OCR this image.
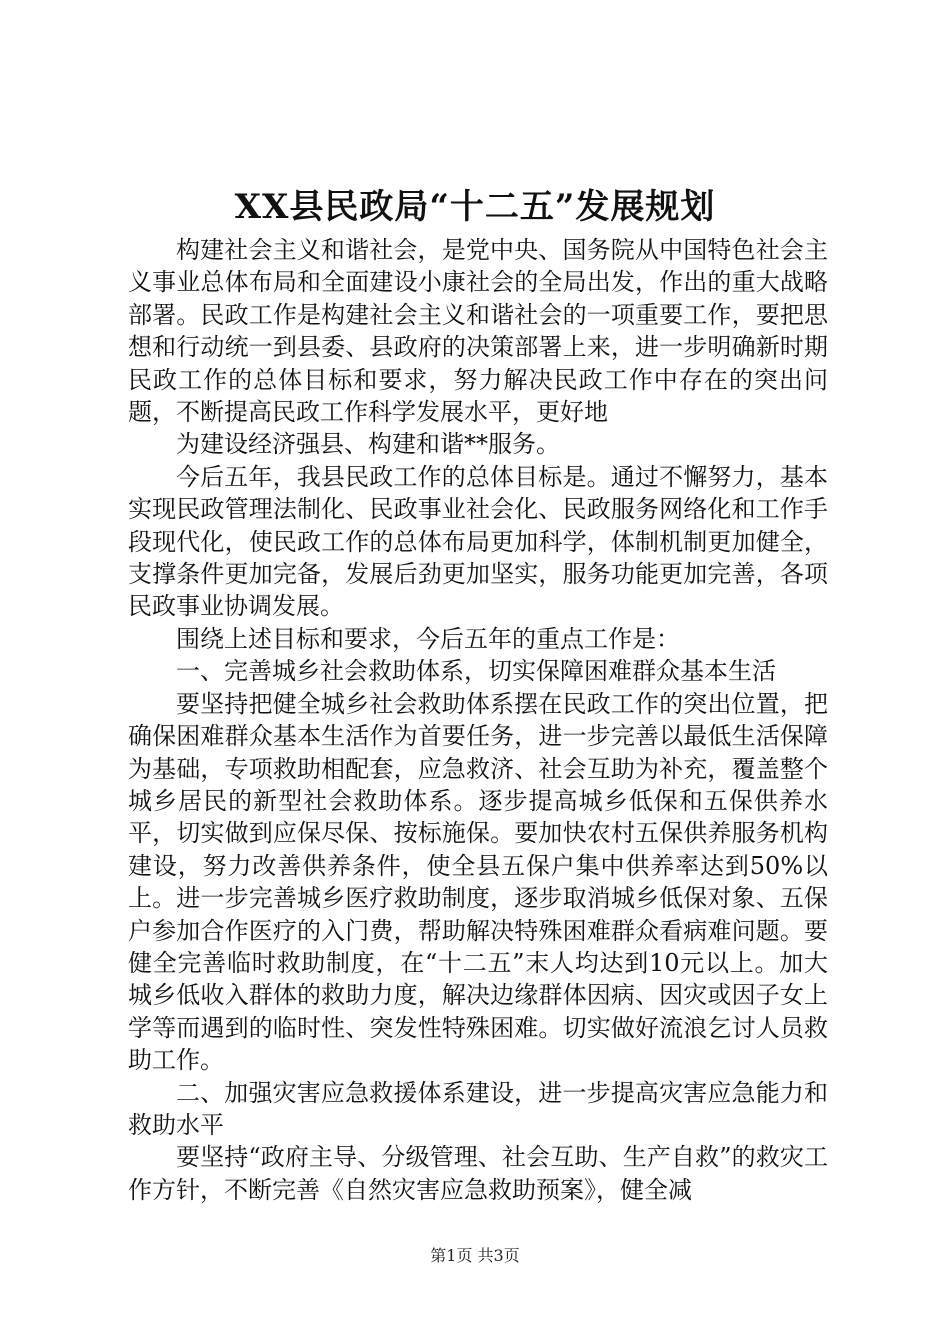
XX县民政局“十二五”发展规划

构建社会主义和谐社会，是党中央、国务院从中国特色社会主义事业总体布局和全面建设小康社会的全局出发，作出的重大战略部署。民政工作是构建社会主义和谐社会的一项重要工作，要把思想和行动统一到县委、县政府的决策部署上来，进一步明确新时期民政工作的总体目标和要求，努力解决民政工作中存在的突出问题，不断提高民政工作科学发展水平，更好地

为建设经济强县、构建和谐**服务。

今后五年，我县民政工作的总体目标是。通过不懈努力，基本实现民政管理法制化、民政事业社会化、民政服务网络化和工作手段现代化，使民政工作的总体布局更加科学，体制机制更加健全，支撑条件更加完备，发展后劲更加坚实，服务功能更加完善，各项民政事业协调发展。

围绕上述目标和要求，今后五年的重点工作是：

一、完善城乡社会救助体系，切实保障困难群众基本生活

要坚持把健全城乡社会救助体系摆在民政工作的突出位置，把确保困难群众基本生活作为首要任务，进一步完善以最低生活保障为基础，专项救助相配套，应急救济、社会互助为补充，覆盖整个城乡居民的新型社会救助体系。逐步提高城乡低保和五保供养水平，切实做到应保尽保、按标施保。要加快农村五保供养服务机构建设，努力改善供养条件，使全县五保户集中供养率达到50%以上。进一步完善城乡医疗救助制度，逐步取消城乡低保对象、五保户参加合作医疗的入门费，帮助解决特殊困难群众看病难问题。要健全完善临时救助制度，在“十二五”末人均达到10元以上。加大城乡低收入群体的救助力度，解决边缘群体因病、因灾或因子女上学等而遇到的临时性、突发性特殊困难。切实做好流浪乞讨人员救助工作。

二、加强灾害应急救援体系建设，进一步提高灾害应急能力和救助水平

要坚持“政府主导、分级管理、社会互助、生产自救”的救灾工作方针，不断完善《自然灾害应急救助预案》，健全减

第1页 共3页
